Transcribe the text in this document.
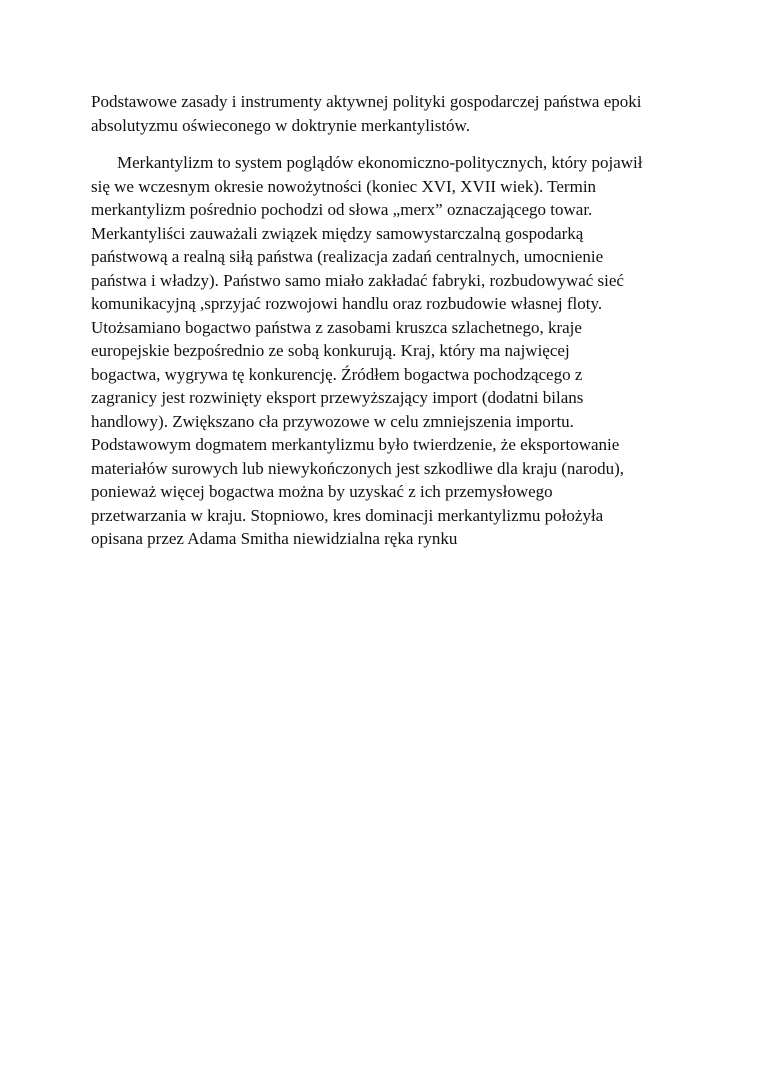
Podstawowe zasady i instrumenty aktywnej polityki gospodarczej państwa epoki
absolutyzmu oświeconego w doktrynie merkantylistów.

Merkantylizm to system poglądów ekonomiczno-politycznych, który pojawił
się we wczesnym okresie nowożytności (koniec XVI, XVII wiek). Termin
merkantylizm pośrednio pochodzi od słowa „merx” oznaczającego towar.
Merkantyliści zauważali związek między samowystarczalną gospodarką
państwową a realną siłą państwa (realizacja zadań centralnych, umocnienie
państwa i władzy). Państwo samo miało zakładać fabryki, rozbudowywać sieć
komunikacyjną ,sprzyjać rozwojowi handlu oraz rozbudowie własnej floty.
Utożsamiano bogactwo państwa z zasobami kruszca szlachetnego, kraje
europejskie bezpośrednio ze sobą konkurują. Kraj, który ma najwięcej
bogactwa, wygrywa tę konkurencję. Źródłem bogactwa pochodzącego z
zagranicy jest rozwinięty eksport przewyższający import (dodatni bilans
handlowy). Zwiększano cła przywozowe w celu zmniejszenia importu.
Podstawowym dogmatem merkantylizmu było twierdzenie, że eksportowanie
materiałów surowych lub niewykończonych jest szkodliwe dla kraju (narodu),
ponieważ więcej bogactwa można by uzyskać z ich przemysłowego
przetwarzania w kraju. Stopniowo, kres dominacji merkantylizmu położyła
opisana przez Adama Smitha niewidzialna ręka rynku
